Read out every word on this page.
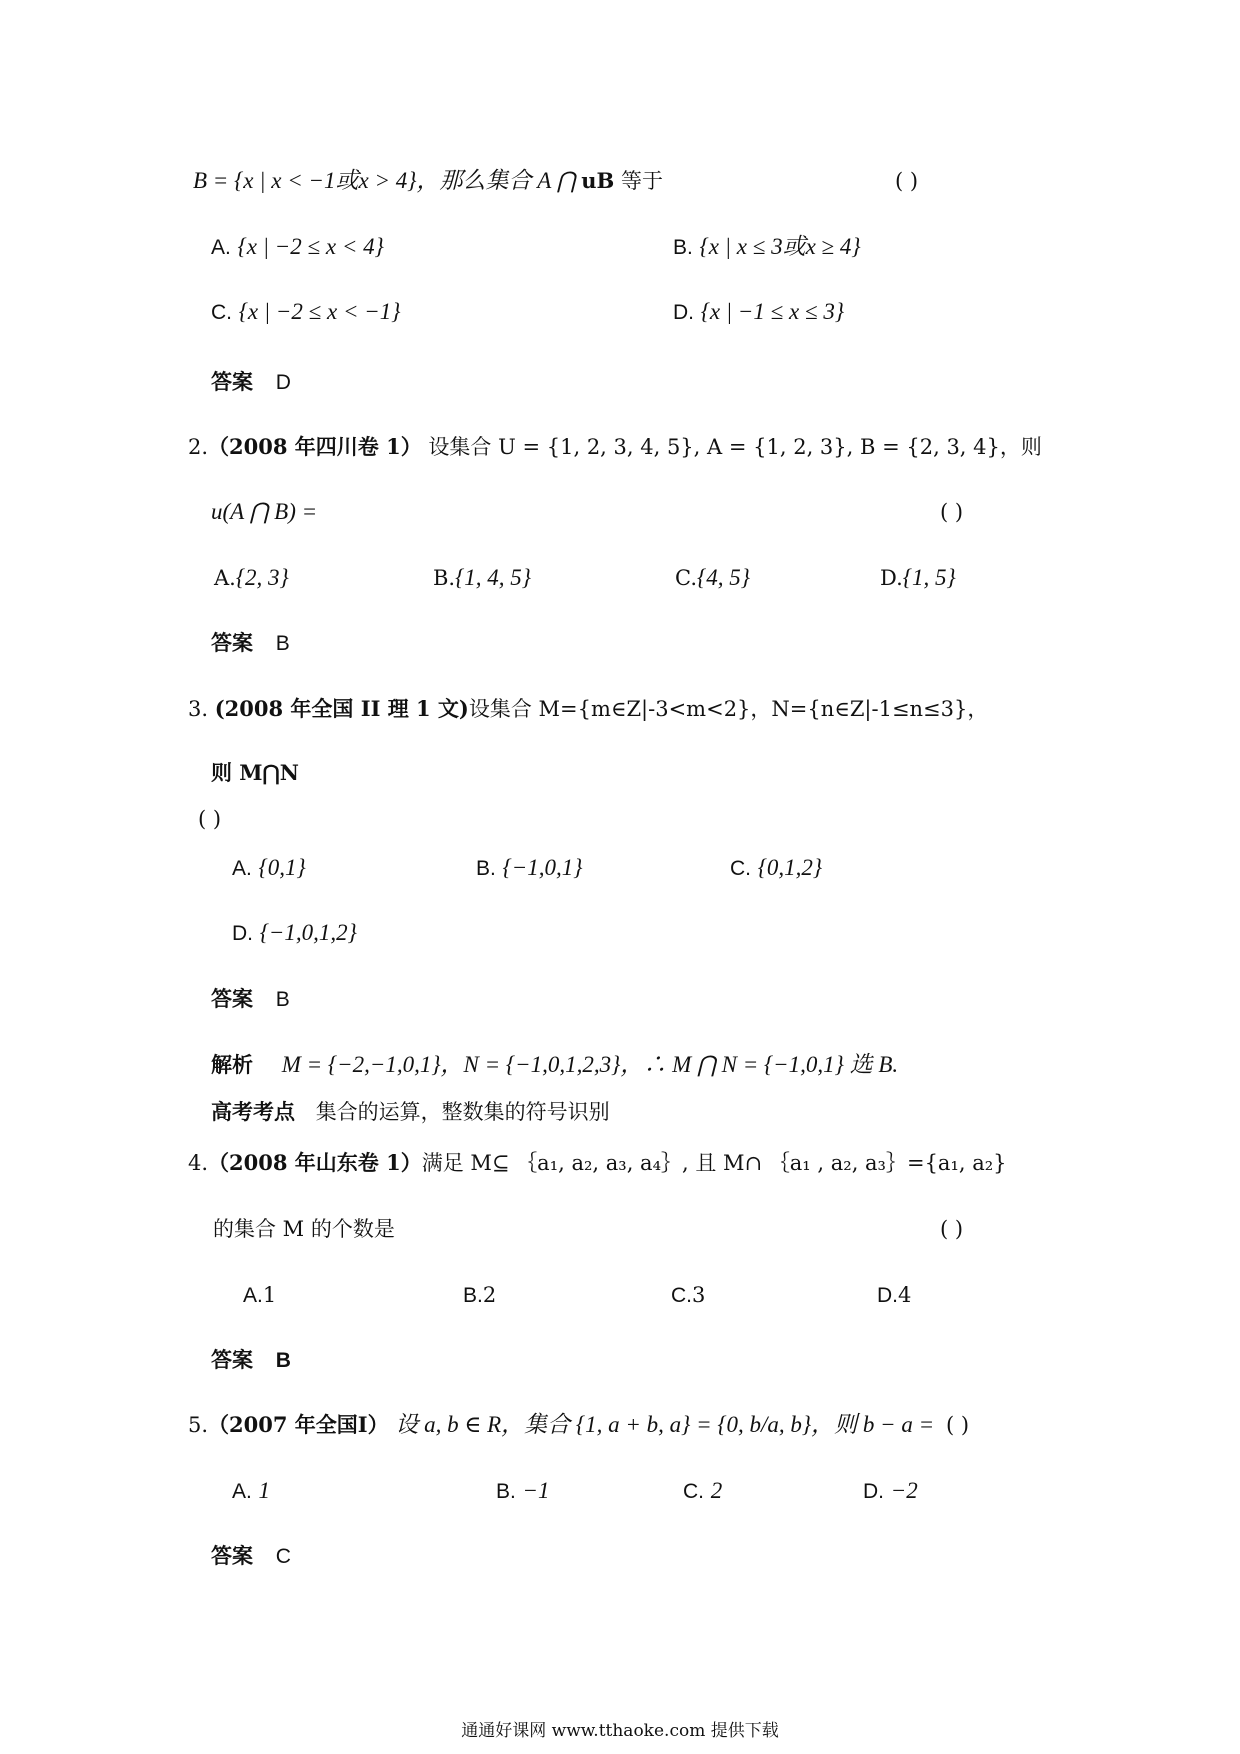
B = {x | x < −1或x > 4}，那么集合 A ⋂ uB 等于	( )
A. {x | −2 ≤ x < 4}	B. {x | x ≤ 3或x ≥ 4}
C. {x | −2 ≤ x < −1}	D. {x | −1 ≤ x ≤ 3}
答案 D
2.（2008 年四川卷 1） 设集合 U = {1, 2, 3, 4, 5}, A = {1, 2, 3}, B = {2, 3, 4}，则
u(A ⋂ B) =	( )
A.{2, 3}	B.{1, 4, 5}	C.{4, 5}	D.{1, 5}
答案 B
3. (2008 年全国 II 理 1 文)设集合 M={m∈Z|-3<m<2}，N={n∈Z|-1≤n≤3}，
则 M⋂N
( )
A. {0,1}	B. {−1,0,1}	C. {0,1,2}
D. {−1,0,1,2}
答案 B
解析 M = {−2,−1,0,1}，N = {−1,0,1,2,3}，∴ M ⋂ N = {−1,0,1} 选 B.
高考考点 集合的运算，整数集的符号识别
4.（2008 年山东卷 1）满足 M⊆ ｛a₁, a₂, a₃, a₄｝, 且 M∩ ｛a₁ , a₂, a₃｝={a₁, a₂}
的集合 M 的个数是	( )
A.1	B.2	C.3	D.4
答案 B
5.（2007 年全国Ⅰ） 设 a, b ∈ R，集合 {1, a + b, a} = {0, b/a, b}，则 b − a = ( )
A. 1	B. −1	C. 2	D. −2
答案 C
通通好课网 www.tthaoke.com 提供下载
